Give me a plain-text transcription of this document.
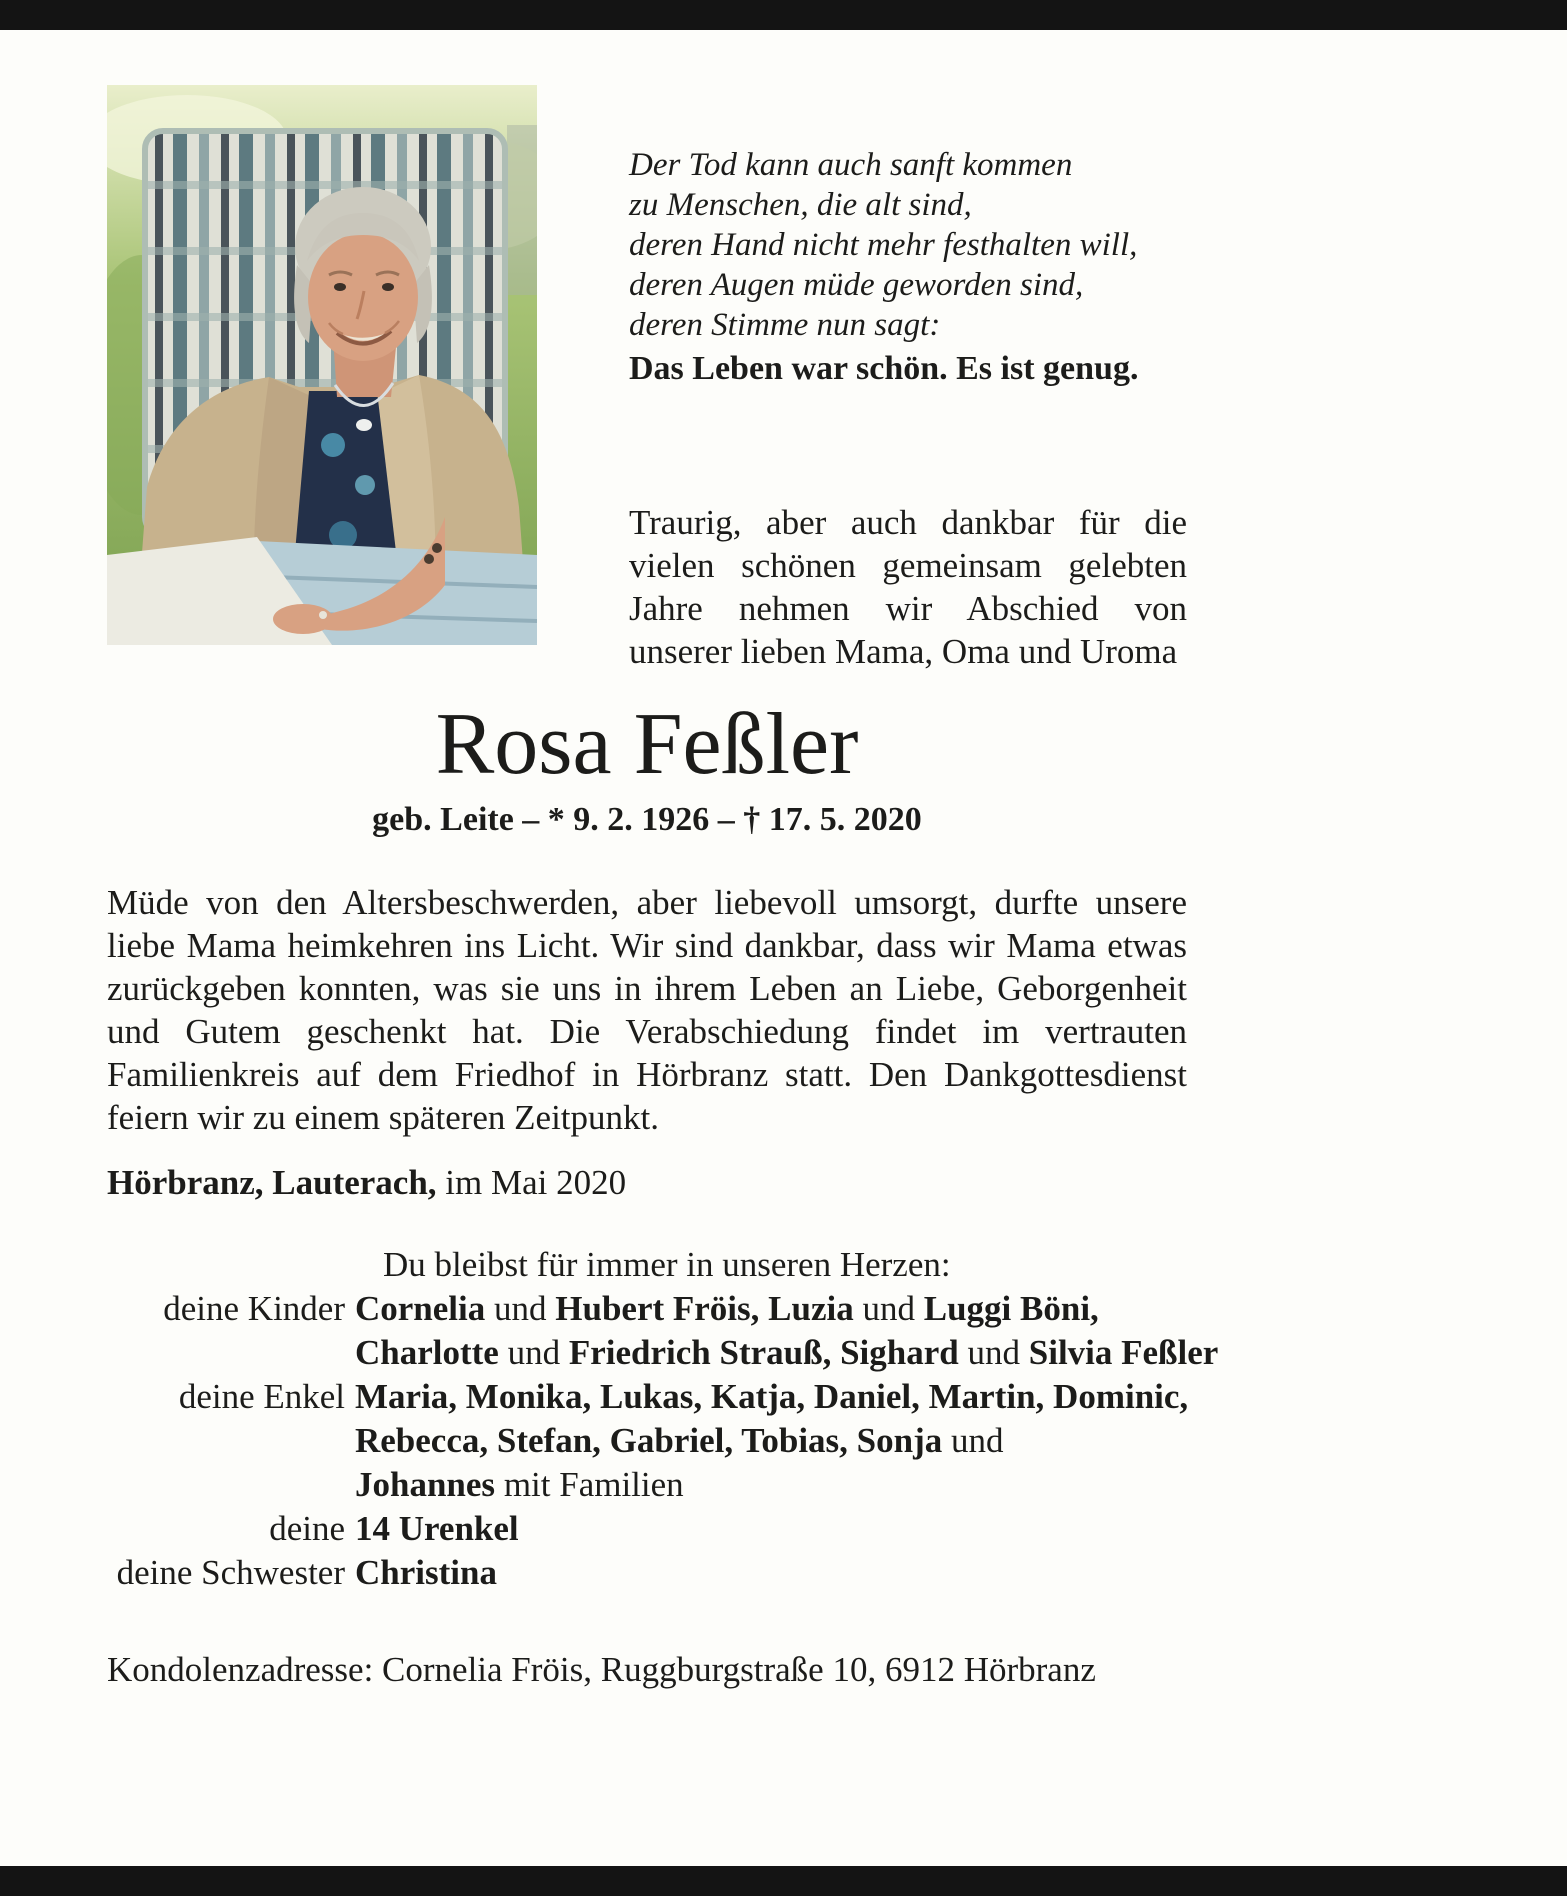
Der Tod kann auch sanft kommen
zu Menschen, die alt sind,
deren Hand nicht mehr festhalten will,
deren Augen müde geworden sind,
deren Stimme nun sagt:
Das Leben war schön. Es ist genug.

Traurig, aber auch dankbar für die vielen schönen gemeinsam gelebten Jahre nehmen wir Abschied von unserer lieben Mama, Oma und Uroma

Rosa Feßler
geb. Leite – * 9. 2. 1926 – † 17. 5. 2020

Müde von den Altersbeschwerden, aber liebevoll umsorgt, durfte unsere liebe Mama heimkehren ins Licht. Wir sind dankbar, dass wir Mama etwas zurückgeben konnten, was sie uns in ihrem Leben an Liebe, Geborgenheit und Gutem geschenkt hat. Die Verabschiedung findet im vertrauten Familienkreis auf dem Friedhof in Hörbranz statt. Den Dankgottesdienst feiern wir zu einem späteren Zeitpunkt.

Hörbranz, Lauterach, im Mai 2020

Du bleibst für immer in unseren Herzen:
deine Kinder Cornelia und Hubert Fröis, Luzia und Luggi Böni,
Charlotte und Friedrich Strauß, Sighard und Silvia Feßler
deine Enkel Maria, Monika, Lukas, Katja, Daniel, Martin, Dominic,
Rebecca, Stefan, Gabriel, Tobias, Sonja und
Johannes mit Familien
deine 14 Urenkel
deine Schwester Christina

Kondolenzadresse: Cornelia Fröis, Ruggburgstraße 10, 6912 Hörbranz
